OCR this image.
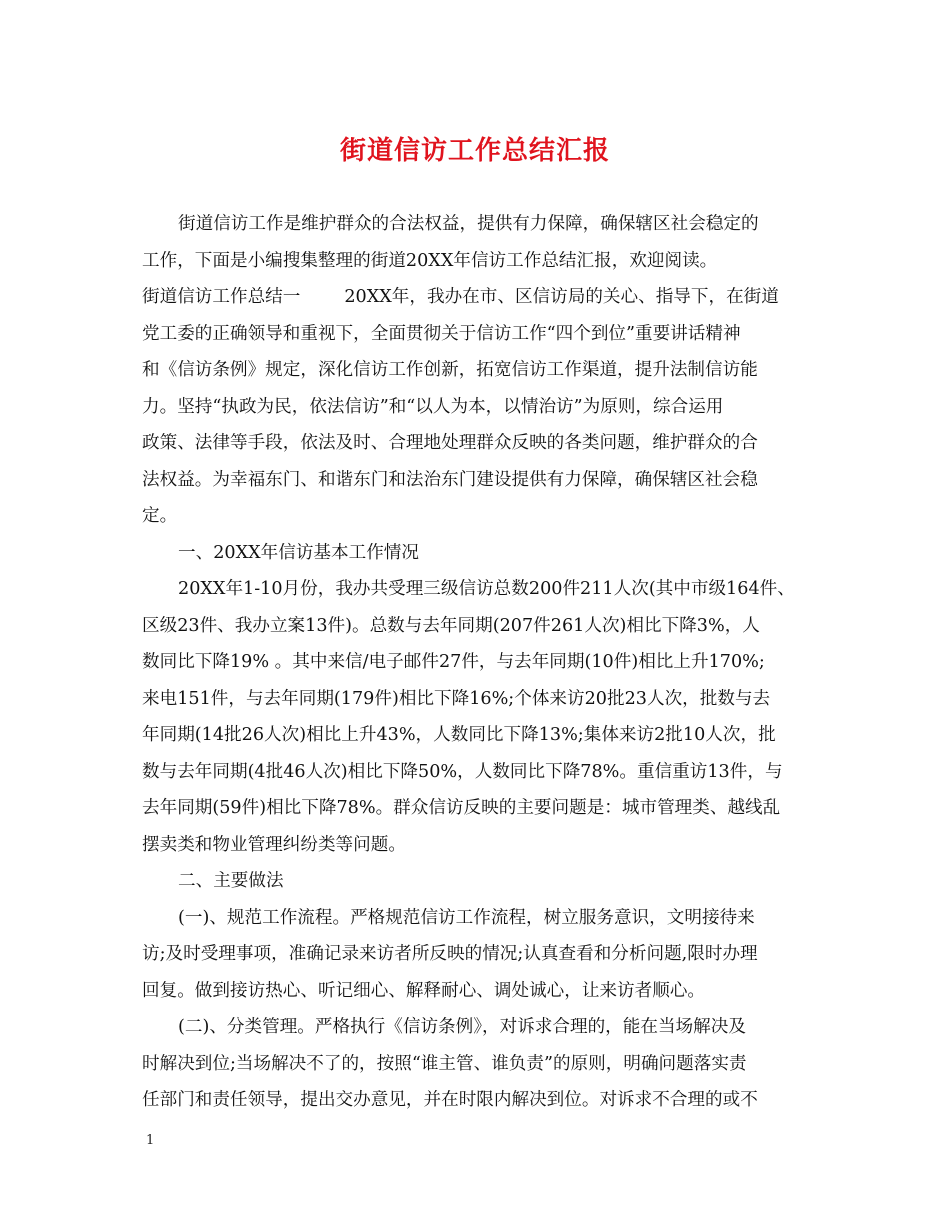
街道信访工作总结汇报
街道信访工作是维护群众的合法权益，提供有力保障，确保辖区社会稳定的
工作，下面是小编搜集整理的街道20XX年信访工作总结汇报，欢迎阅读。
街道信访工作总结一	20XX年，我办在市、区信访局的关心、指导下，在街道
党工委的正确领导和重视下，全面贯彻关于信访工作“四个到位”重要讲话精神
和《信访条例》规定，深化信访工作创新，拓宽信访工作渠道，提升法制信访能
力。坚持“执政为民，依法信访”和“以人为本，以情治访”为原则，综合运用
政策、法律等手段，依法及时、合理地处理群众反映的各类问题，维护群众的合
法权益。为幸福东门、和谐东门和法治东门建设提供有力保障，确保辖区社会稳
定。
一、20XX年信访基本工作情况
20XX年1-10月份，我办共受理三级信访总数200件211人次(其中市级164件、
区级23件、我办立案13件)。总数与去年同期(207件261人次)相比下降3%，人
数同比下降19% 。其中来信/电子邮件27件，与去年同期(10件)相比上升170%;
来电151件，与去年同期(179件)相比下降16%;个体来访20批23人次，批数与去
年同期(14批26人次)相比上升43%，人数同比下降13%;集体来访2批10人次，批
数与去年同期(4批46人次)相比下降50%，人数同比下降78%。重信重访13件，与
去年同期(59件)相比下降78%。群众信访反映的主要问题是：城市管理类、越线乱
摆卖类和物业管理纠纷类等问题。
二、主要做法
(一)、规范工作流程。严格规范信访工作流程，树立服务意识，文明接待来
访;及时受理事项，准确记录来访者所反映的情况;认真查看和分析问题,限时办理
回复。做到接访热心、听记细心、解释耐心、调处诚心，让来访者顺心。
(二)、分类管理。严格执行《信访条例》，对诉求合理的，能在当场解决及
时解决到位;当场解决不了的，按照“谁主管、谁负责”的原则，明确问题落实责
任部门和责任领导，提出交办意见，并在时限内解决到位。对诉求不合理的或不
1
